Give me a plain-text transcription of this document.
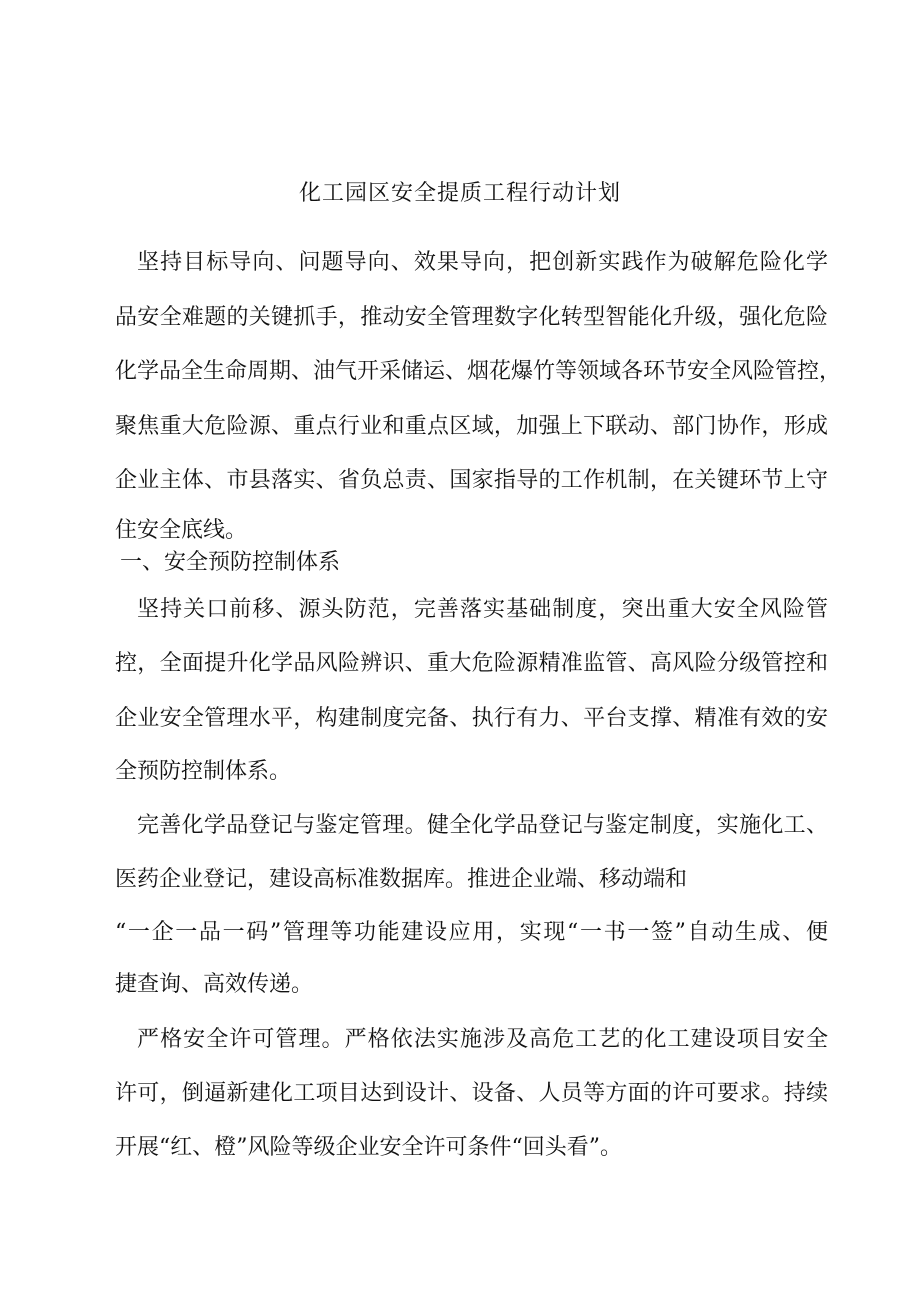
化工园区安全提质工程行动计划
坚持目标导向、问题导向、效果导向，把创新实践作为破解危险化学
品安全难题的关键抓手，推动安全管理数字化转型智能化升级，强化危险
化学品全生命周期、油气开采储运、烟花爆竹等领域各环节安全风险管控，
聚焦重大危险源、重点行业和重点区域，加强上下联动、部门协作，形成
企业主体、市县落实、省负总责、国家指导的工作机制，在关键环节上守
住安全底线。
一、安全预防控制体系
坚持关口前移、源头防范，完善落实基础制度，突出重大安全风险管
控，全面提升化学品风险辨识、重大危险源精准监管、高风险分级管控和
企业安全管理水平，构建制度完备、执行有力、平台支撑、精准有效的安
全预防控制体系。
完善化学品登记与鉴定管理。健全化学品登记与鉴定制度，实施化工、
医药企业登记，建设高标准数据库。推进企业端、移动端和
“一企一品一码”管理等功能建设应用，实现“一书一签”自动生成、便
捷查询、高效传递。
严格安全许可管理。严格依法实施涉及高危工艺的化工建设项目安全
许可，倒逼新建化工项目达到设计、设备、人员等方面的许可要求。持续
开展“红、橙”风险等级企业安全许可条件“回头看”。
